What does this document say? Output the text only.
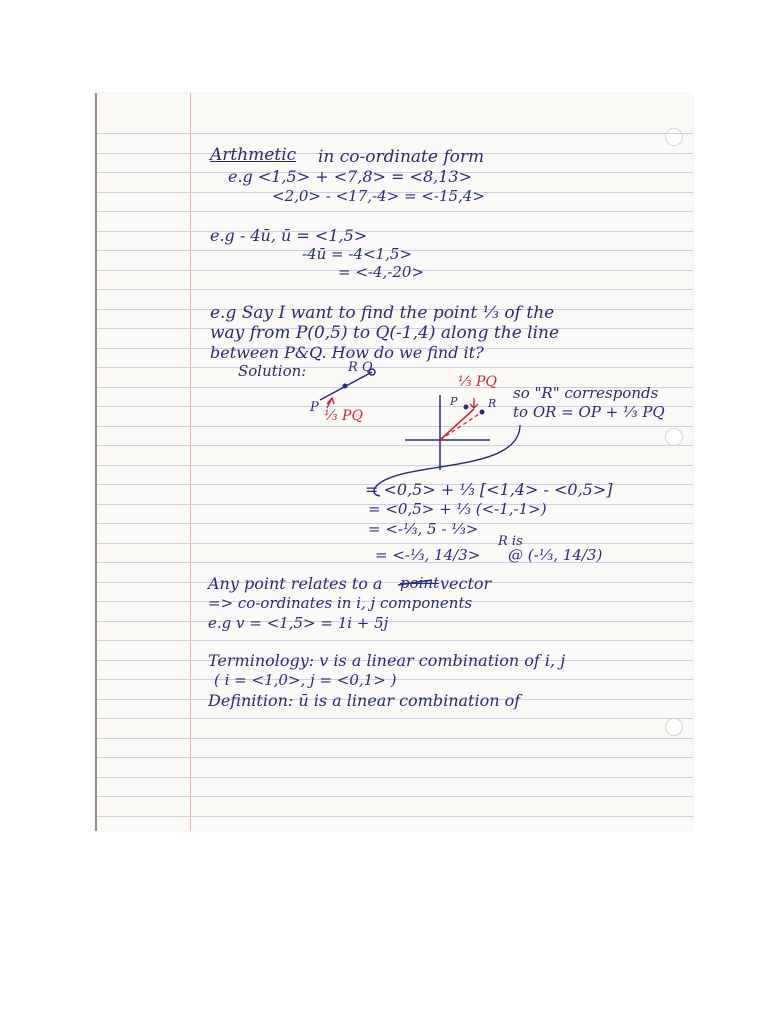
Arthmetic in co-ordinate form
e.g <1,5> + <7,8> = <8,13>
<2,0> - <17,-4> = <-15,4>
e.g - 4ū, ū = <1,5>
-4ū = -4<1,5>
= <-4,-20>
e.g Say I want to find the point ⅓ of the
way from P(0,5) to Q(-1,4) along the line
between P&Q. How do we find it?
Solution:	R Q
P
⅓ PQ
⅓ PQ
P	R
so "R" corresponds
to OR = OP + ⅓ PQ
= <0,5> + ⅓ [<1,4> - <0,5>]
= <0,5> + ⅓ (<-1,-1>)
= <-⅓, 5 - ⅓>
= <-⅓, 14/3>
R is
@ (-⅓, 14/3)
Any point relates to a point vector
=> co-ordinates in i, j components
e.g v = <1,5> = 1i + 5j
Terminology: v is a linear combination of i, j
( i = <1,0>, j = <0,1> )
Definition: ū is a linear combination of
